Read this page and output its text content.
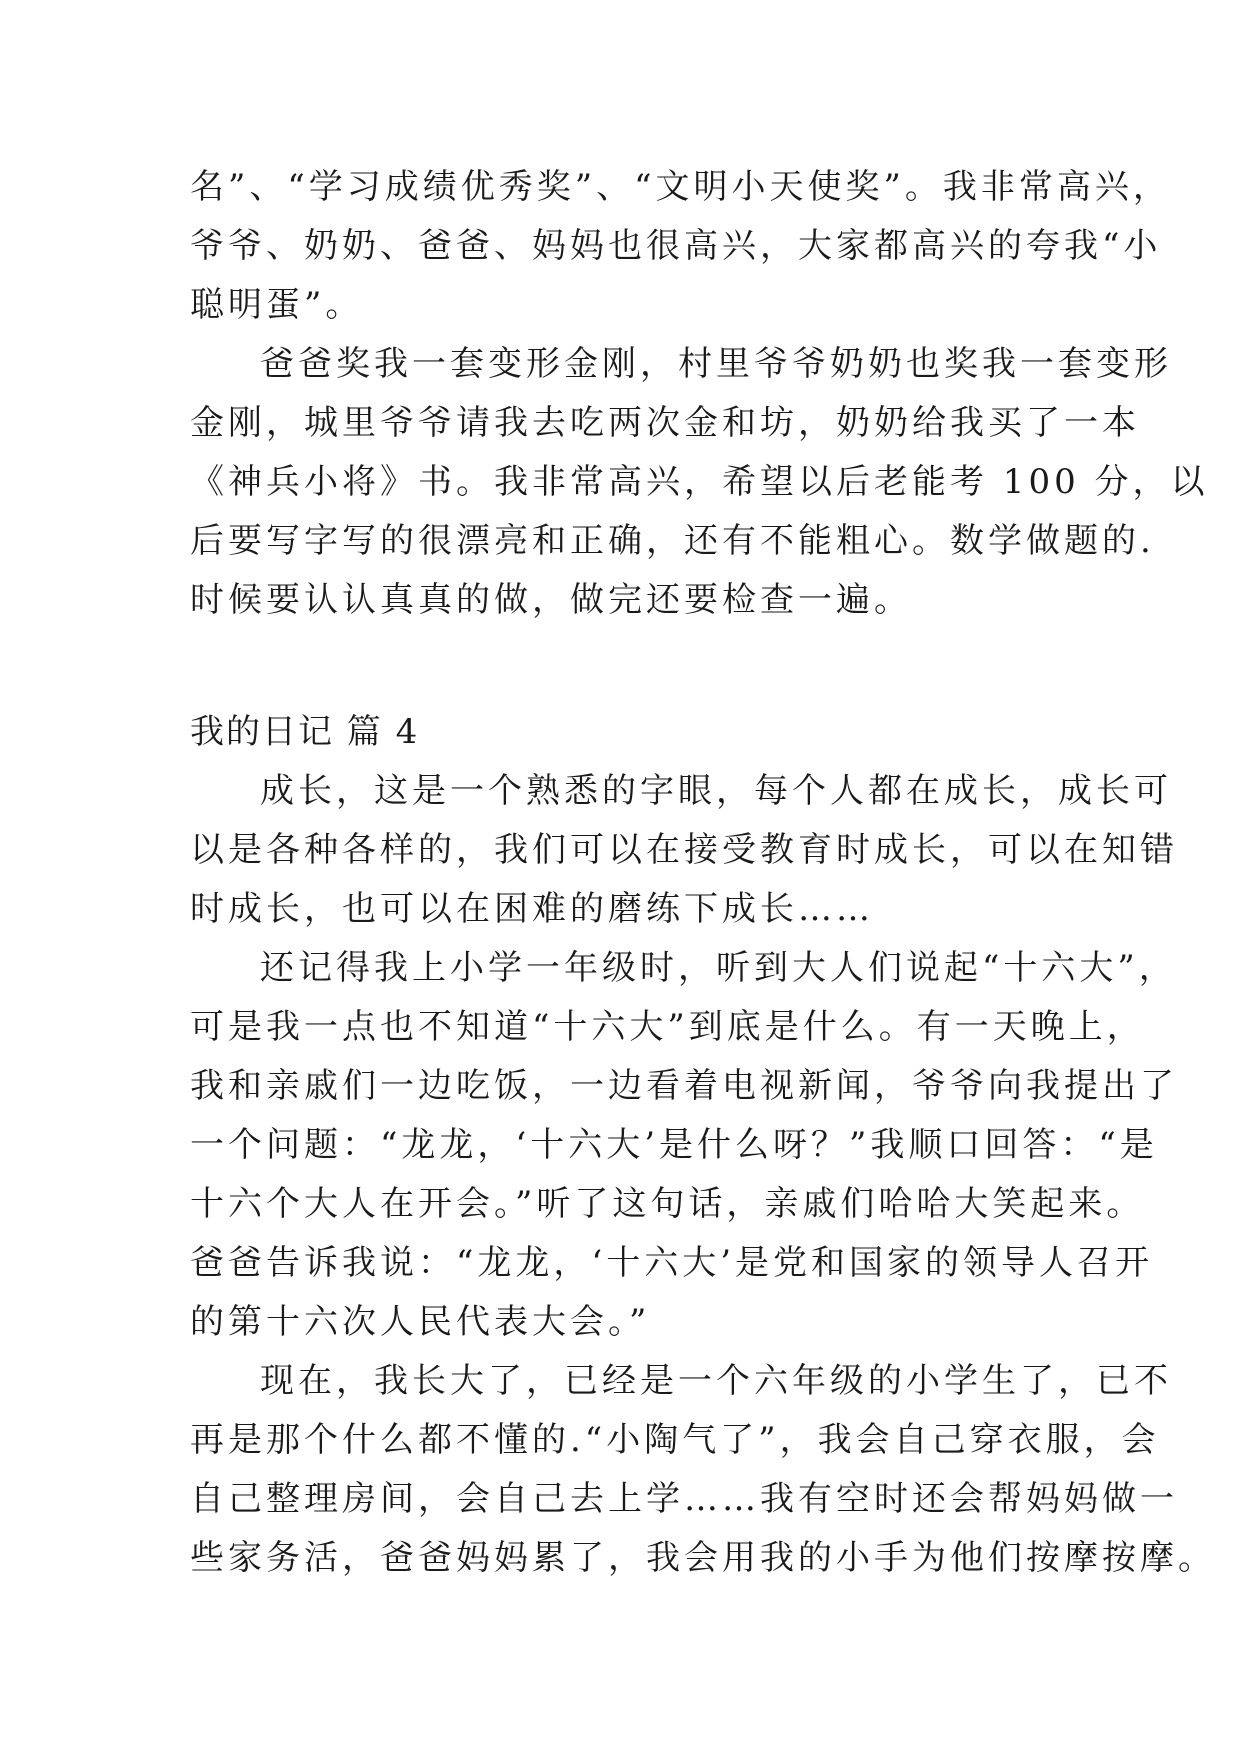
名”、“学习成绩优秀奖”、“文明小天使奖”。我非常高兴，
爷爷、奶奶、爸爸、妈妈也很高兴，大家都高兴的夸我“小
聪明蛋”。
爸爸奖我一套变形金刚，村里爷爷奶奶也奖我一套变形
金刚，城里爷爷请我去吃两次金和坊，奶奶给我买了一本
《神兵小将》书。我非常高兴，希望以后老能考 100 分，以
后要写字写的很漂亮和正确，还有不能粗心。数学做题的.
时候要认认真真的做，做完还要检查一遍。
我的日记 篇 4
成长，这是一个熟悉的字眼，每个人都在成长，成长可
以是各种各样的，我们可以在接受教育时成长，可以在知错
时成长，也可以在困难的磨练下成长……
还记得我上小学一年级时，听到大人们说起“十六大”，
可是我一点也不知道“十六大”到底是什么。有一天晚上，
我和亲戚们一边吃饭，一边看着电视新闻，爷爷向我提出了
一个问题：“龙龙，‘十六大’是什么呀？”我顺口回答：“是
十六个大人在开会。”听了这句话，亲戚们哈哈大笑起来。
爸爸告诉我说：“龙龙，‘十六大’是党和国家的领导人召开
的第十六次人民代表大会。”
现在，我长大了，已经是一个六年级的小学生了，已不
再是那个什么都不懂的.“小陶气了”，我会自己穿衣服，会
自己整理房间，会自己去上学……我有空时还会帮妈妈做一
些家务活，爸爸妈妈累了，我会用我的小手为他们按摩按摩。
